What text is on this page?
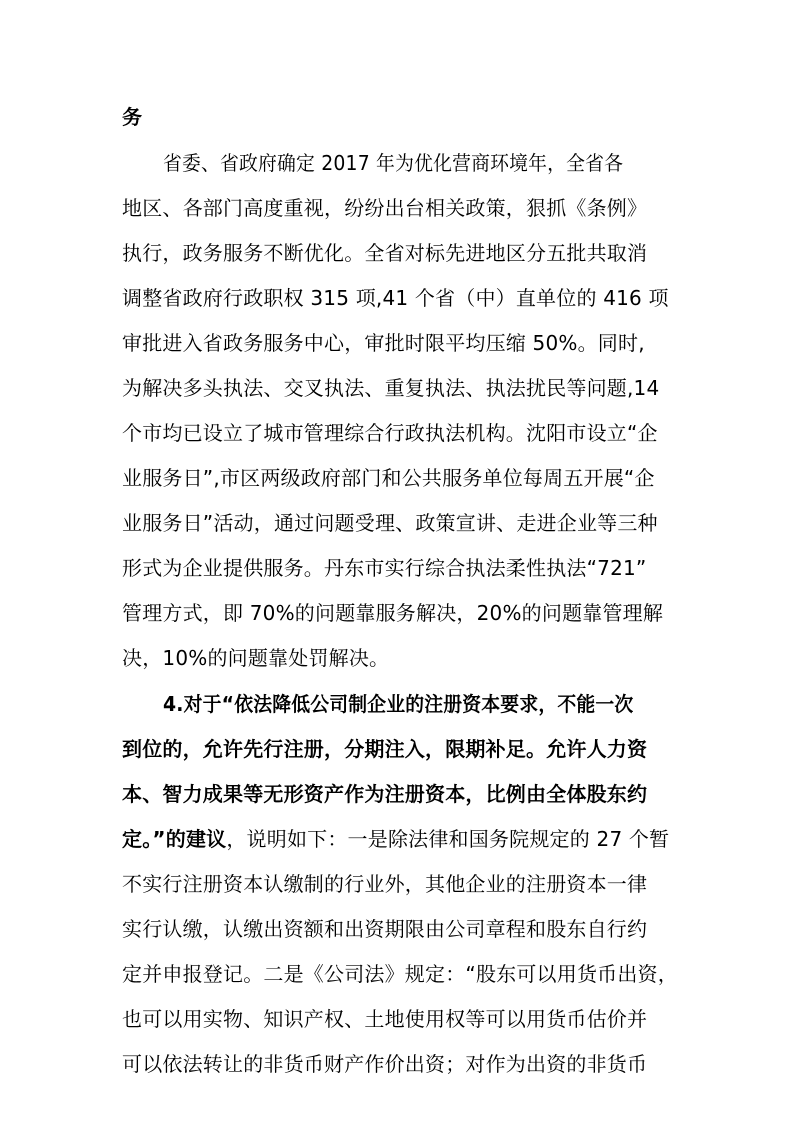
务
省委、省政府确定 2017 年为优化营商环境年，全省各
地区、各部门高度重视，纷纷出台相关政策，狠抓《条例》
执行，政务服务不断优化。全省对标先进地区分五批共取消
调整省政府行政职权 315 项,41 个省（中）直单位的 416 项
审批进入省政务服务中心，审批时限平均压缩 50%。同时,
为解决多头执法、交叉执法、重复执法、执法扰民等问题,14
个市均已设立了城市管理综合行政执法机构。沈阳市设立“企
业服务日”,市区两级政府部门和公共服务单位每周五开展“企
业服务日”活动，通过问题受理、政策宣讲、走进企业等三种
形式为企业提供服务。丹东市实行综合执法柔性执法“721”
管理方式，即 70%的问题靠服务解决，20%的问题靠管理解
决，10%的问题靠处罚解决。
4.对于“依法降低公司制企业的注册资本要求，不能一次
到位的，允许先行注册，分期注入，限期补足。允许人力资
本、智力成果等无形资产作为注册资本，比例由全体股东约
定。”的建议，说明如下：一是除法律和国务院规定的 27 个暂
不实行注册资本认缴制的行业外，其他企业的注册资本一律
实行认缴，认缴出资额和出资期限由公司章程和股东自行约
定并申报登记。二是《公司法》规定：“股东可以用货币出资，
也可以用实物、知识产权、土地使用权等可以用货币估价并
可以依法转让的非货币财产作价出资；对作为出资的非货币
